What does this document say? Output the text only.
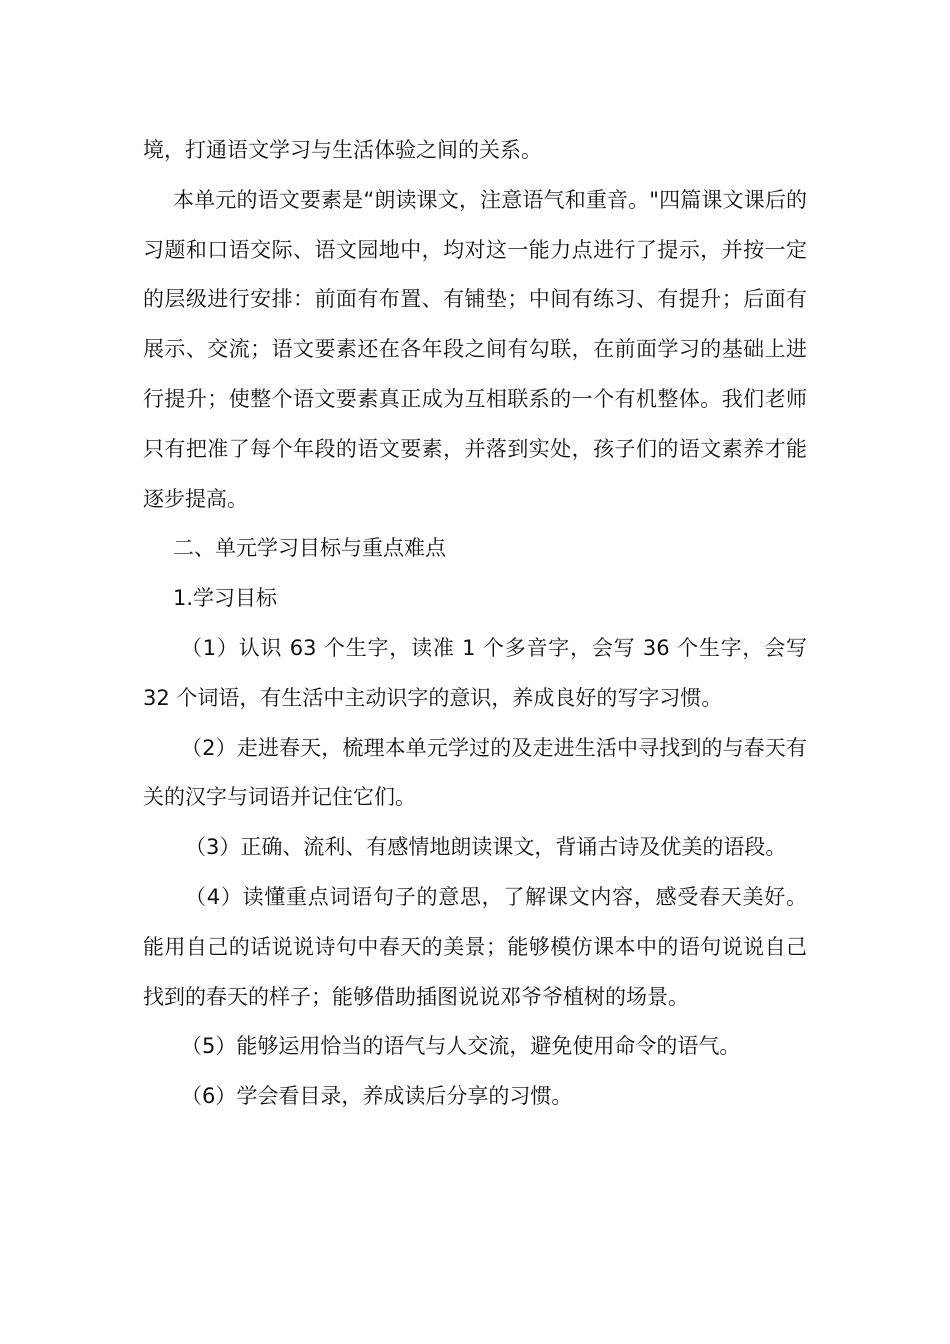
境，打通语文学习与生活体验之间的关系。

本单元的语文要素是“朗读课文，注意语气和重音。"四篇课文课后的习题和口语交际、语文园地中，均对这一能力点进行了提示，并按一定的层级进行安排：前面有布置、有铺垫；中间有练习、有提升；后面有展示、交流；语文要素还在各年段之间有勾联，在前面学习的基础上进行提升；使整个语文要素真正成为互相联系的一个有机整体。我们老师只有把准了每个年段的语文要素，并落到实处，孩子们的语文素养才能逐步提高。

二、单元学习目标与重点难点

1.学习目标

（1）认识 63 个生字，读准 1 个多音字，会写 36 个生字，会写 32 个词语，有生活中主动识字的意识，养成良好的写字习惯。

（2）走进春天，梳理本单元学过的及走进生活中寻找到的与春天有关的汉字与词语并记住它们。

（3）正确、流利、有感情地朗读课文，背诵古诗及优美的语段。

（4）读懂重点词语句子的意思，了解课文内容，感受春天美好。能用自己的话说说诗句中春天的美景；能够模仿课本中的语句说说自己找到的春天的样子；能够借助插图说说邓爷爷植树的场景。

（5）能够运用恰当的语气与人交流，避免使用命令的语气。

（6）学会看目录，养成读后分享的习惯。
